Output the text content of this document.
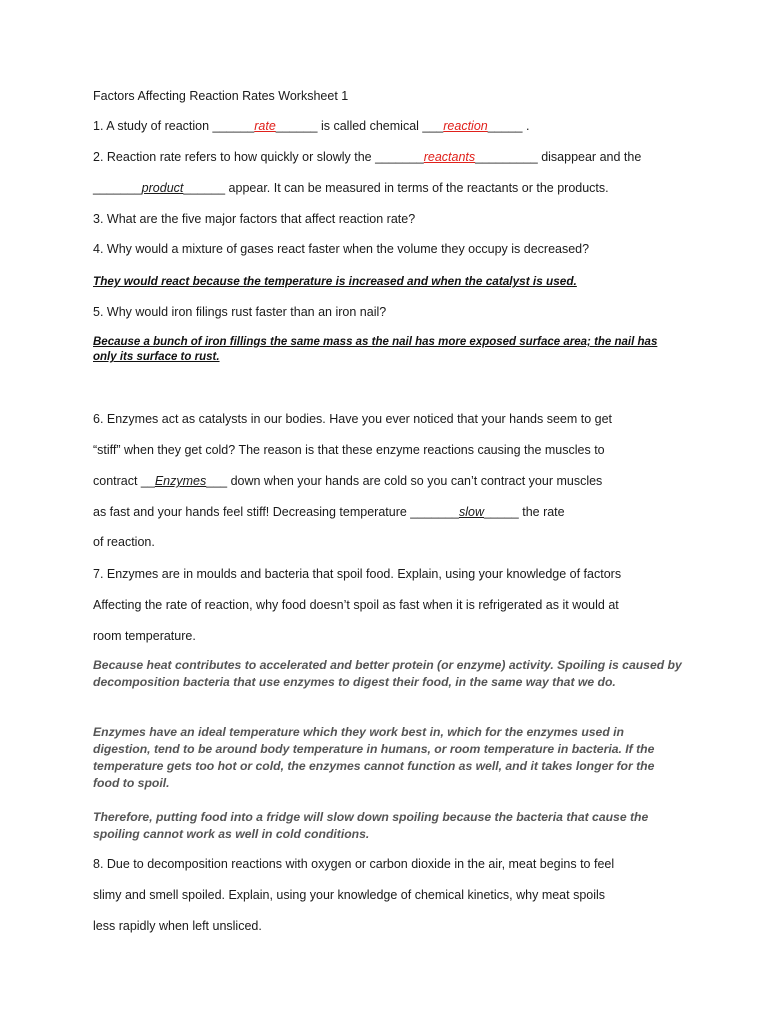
Factors Affecting Reaction Rates Worksheet 1
1. A study of reaction ______rate______ is called chemical ___reaction_____ .
2. Reaction rate refers to how quickly or slowly the _______reactants_________ disappear and the
_______product______ appear. It can be measured in terms of the reactants or the products.
3. What are the five major factors that affect reaction rate?
4. Why would a mixture of gases react faster when the volume they occupy is decreased?
They would react because the temperature is increased and when the catalyst is used.
5. Why would iron filings rust faster than an iron nail?
Because a bunch of iron fillings the same mass as the nail has more exposed surface area; the nail has only its surface to rust.
6. Enzymes act as catalysts in our bodies. Have you ever noticed that your hands seem to get
“stiff” when they get cold? The reason is that these enzyme reactions causing the muscles to
contract __Enzymes___ down when your hands are cold so you can’t contract your muscles
as fast and your hands feel stiff! Decreasing temperature _______slow_____ the rate
of reaction.
7. Enzymes are in moulds and bacteria that spoil food. Explain, using your knowledge of factors
Affecting the rate of reaction, why food doesn’t spoil as fast when it is refrigerated as it would at
room temperature.
Because heat contributes to accelerated and better protein (or enzyme) activity. Spoiling is caused by decomposition bacteria that use enzymes to digest their food, in the same way that we do.
Enzymes have an ideal temperature which they work best in, which for the enzymes used in digestion, tend to be around body temperature in humans, or room temperature in bacteria. If the temperature gets too hot or cold, the enzymes cannot function as well, and it takes longer for the food to spoil.
Therefore, putting food into a fridge will slow down spoiling because the bacteria that cause the spoiling cannot work as well in cold conditions.
8. Due to decomposition reactions with oxygen or carbon dioxide in the air, meat begins to feel
slimy and smell spoiled. Explain, using your knowledge of chemical kinetics, why meat spoils
less rapidly when left unsliced.
